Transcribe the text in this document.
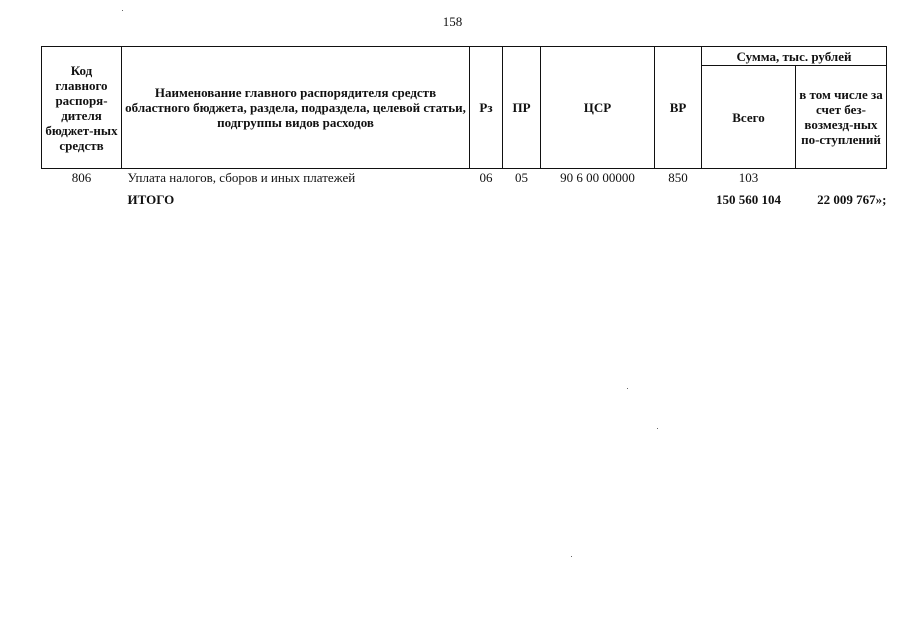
158
Код главного распоря-дителя бюджет-ных средств	Наименование главного распорядителя средств областного бюджета, раздела, подраздела, целевой статьи, подгруппы видов расходов	Рз	ПР	ЦСР	ВР	Сумма, тыс. рублей	
						Всего	в том числе за счет без-возмезд-ных по-ступлений
806	Уплата налогов, сборов и иных платежей	06	05	90 6 00 00000	850	103	
	ИТОГО					150 560 104	22 009 767»;
